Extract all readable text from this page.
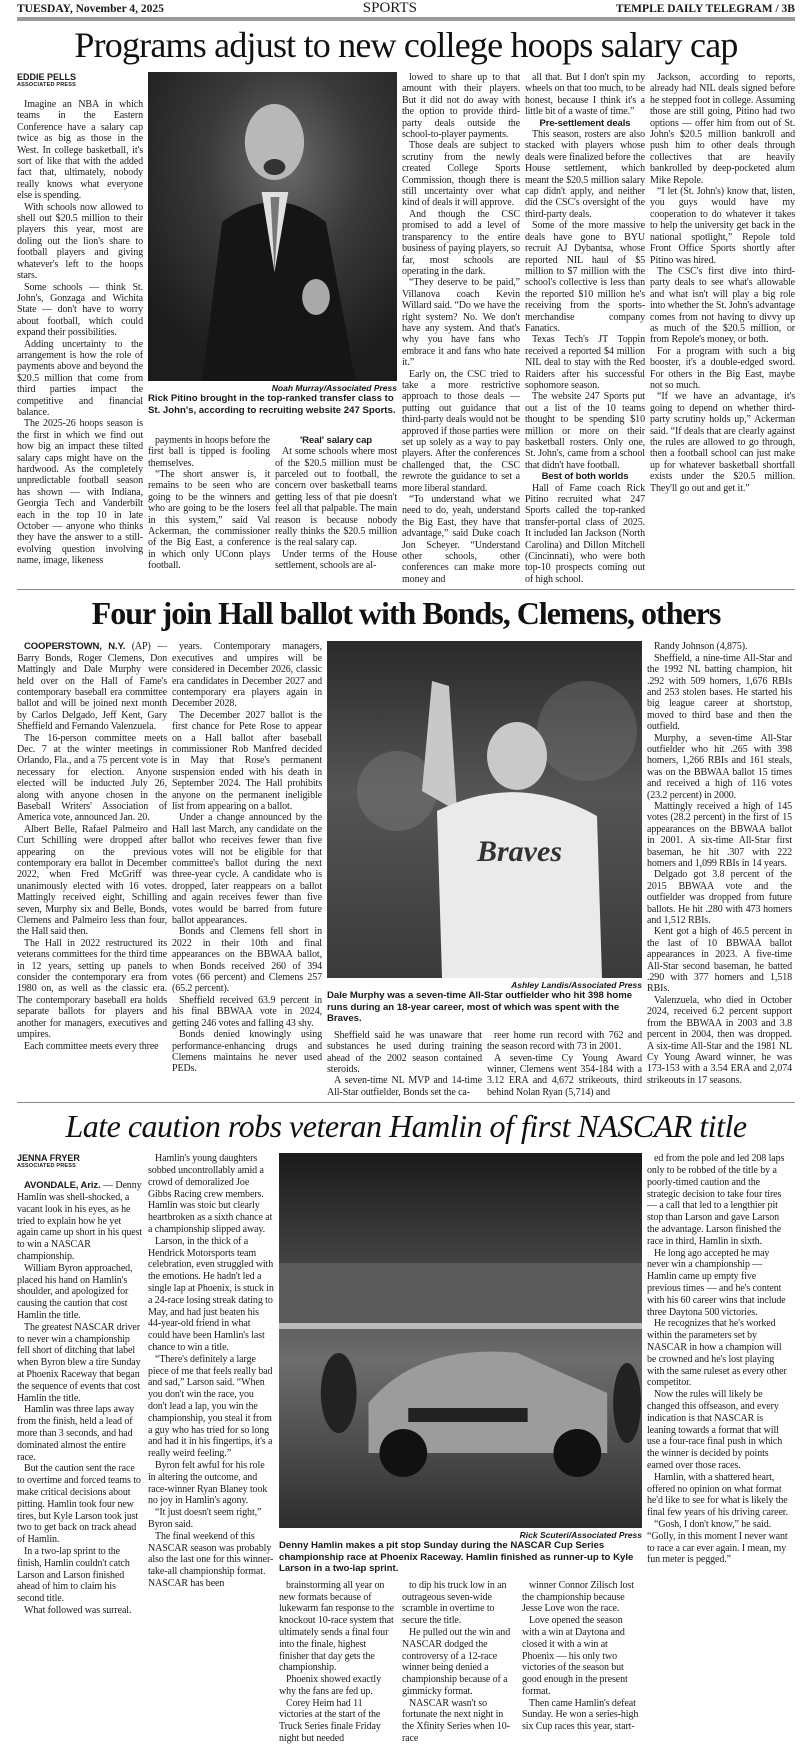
TUESDAY, November 4, 2025	SPORTS	TEMPLE DAILY TELEGRAM / 3B
Programs adjust to new college hoops salary cap
EDDIE PELLS
ASSOCIATED PRESS

Imagine an NBA in which teams in the Eastern Conference have a salary cap twice as big as those in the West. In college basketball, it's sort of like that with the added fact that, ultimately, nobody really knows what everyone else is spending.

With schools now allowed to shell out $20.5 million to their players this year, most are doling out the lion's share to football players and giving whatever's left to the hoops stars.

Some schools — think St. John's, Gonzaga and Wichita State — don't have to worry about football, which could expand their possibilities.

Adding uncertainty to the arrangement is how the role of payments above and beyond the $20.5 million that come from third parties impact the competitive and financial balance.

The 2025-26 hoops season is the first in which we find out how big an impact these tilted salary caps might have on the hardwood. As the completely unpredictable football season has shown — with Indiana, Georgia Tech and Vanderbilt each in the top 10 in late October — anyone who thinks they have the answer to a still-evolving question involving name, image, likeness

Noah Murray/Associated Press
Rick Pitino brought in the top-ranked transfer class to St. John's, according to recruiting website 247 Sports.

payments in hoops before the first ball is tipped is fooling themselves.

“The short answer is, it remains to be seen who are going to be the winners and who are going to be the losers in this system,” said Val Ackerman, the commissioner of the Big East, a conference in which only UConn plays football.

'Real' salary cap

At some schools where most of the $20.5 million must be parceled out to football, the concern over basketball teams getting less of that pie doesn't feel all that palpable. The main reason is because nobody really thinks the $20.5 million is the real salary cap.

Under terms of the House settlement, schools are al-

lowed to share up to that amount with their players. But it did not do away with the option to provide third-party deals outside the school-to-player payments.

Those deals are subject to scrutiny from the newly created College Sports Commission, though there is still uncertainty over what kind of deals it will approve.

And though the CSC promised to add a level of transparency to the entire business of paying players, so far, most schools are operating in the dark.

“They deserve to be paid,” Villanova coach Kevin Willard said. “Do we have the right system? No. We don't have any system. And that's why you have fans who embrace it and fans who hate it.”

Early on, the CSC tried to take a more restrictive approach to those deals — putting out guidance that third-party deals would not be approved if those parties were set up solely as a way to pay players. After the conferences challenged that, the CSC rewrote the guidance to set a more liberal standard.

“To understand what we need to do, yeah, understand the Big East, they have that advantage,” said Duke coach Jon Scheyer. “Understand other schools, other conferences can make more money and

all that. But I don't spin my wheels on that too much, to be honest, because I think it's a little bit of a waste of time.”

Pre-settlement deals

This season, rosters are also stacked with players whose deals were finalized before the House settlement, which meant the $20.5 million salary cap didn't apply, and neither did the CSC's oversight of the third-party deals.

Some of the more massive deals have gone to BYU recruit AJ Dybantsa, whose reported NIL haul of $5 million to $7 million with the school's collective is less than the reported $10 million he's receiving from the sports-merchandise company Fanatics.

Texas Tech's JT Toppin received a reported $4 million NIL deal to stay with the Red Raiders after his successful sophomore season.

The website 247 Sports put out a list of the 10 teams thought to be spending $10 million or more on their basketball rosters. Only one, St. John's, came from a school that didn't have football.

Best of both worlds

Hall of Fame coach Rick Pitino recruited what 247 Sports called the top-ranked transfer-portal class of 2025. It included Ian Jackson (North Carolina) and Dillon Mitchell (Cincinnati), who were both top-10 prospects coming out of high school.

Jackson, according to reports, already had NIL deals signed before he stepped foot in college. Assuming those are still going, Pitino had two options — offer him from out of St. John's $20.5 million bankroll and push him to other deals through collectives that are heavily bankrolled by deep-pocketed alum Mike Repole.

“I let (St. John's) know that, listen, you guys would have my cooperation to do whatever it takes to help the university get back in the national spotlight,” Repole told Front Office Sports shortly after Pitino was hired.

The CSC's first dive into third-party deals to see what's allowable and what isn't will play a big role into whether the St. John's advantage comes from not having to divvy up as much of the $20.5 million, or from Repole's money, or both.

For a program with such a big booster, it's a double-edged sword. For others in the Big East, maybe not so much.

“If we have an advantage, it's going to depend on whether third-party scrutiny holds up,” Ackerman said. “If deals that are clearly against the rules are allowed to go through, then a football school can just make up for whatever basketball shortfall exists under the $20.5 million. They'll go out and get it.”

Four join Hall ballot with Bonds, Clemens, others

COOPERSTOWN, N.Y. (AP) — Barry Bonds, Roger Clemens, Don Mattingly and Dale Murphy were held over on the Hall of Fame's contemporary baseball era committee ballot and will be joined next month by Carlos Delgado, Jeff Kent, Gary Sheffield and Fernando Valenzuela.

The 16-person committee meets Dec. 7 at the winter meetings in Orlando, Fla., and a 75 percent vote is necessary for election. Anyone elected will be inducted July 26, along with anyone chosen in the Baseball Writers' Association of America vote, announced Jan. 20.

Albert Belle, Rafael Palmeiro and Curt Schilling were dropped after appearing on the previous contemporary era ballot in December 2022, when Fred McGriff was unanimously elected with 16 votes. Mattingly received eight, Schilling seven, Murphy six and Belle, Bonds, Clemens and Palmeiro less than four, the Hall said then.

The Hall in 2022 restructured its veterans committees for the third time in 12 years, setting up panels to consider the contemporary era from 1980 on, as well as the classic era. The contemporary baseball era holds separate ballots for players and another for managers, executives and umpires.

Each committee meets every three

years. Contemporary managers, executives and umpires will be considered in December 2026, classic era candidates in December 2027 and contemporary era players again in December 2028.

The December 2027 ballot is the first chance for Pete Rose to appear on a Hall ballot after baseball commissioner Rob Manfred decided in May that Rose's permanent suspension ended with his death in September 2024. The Hall prohibits anyone on the permanent ineligible list from appearing on a ballot.

Under a change announced by the Hall last March, any candidate on the ballot who receives fewer than five votes will not be eligible for that committee's ballot during the next three-year cycle. A candidate who is dropped, later reappears on a ballot and again receives fewer than five votes would be barred from future ballot appearances.

Bonds and Clemens fell short in 2022 in their 10th and final appearances on the BBWAA ballot, when Bonds received 260 of 394 votes (66 percent) and Clemens 257 (65.2 percent).

Sheffield received 63.9 percent in his final BBWAA vote in 2024, getting 246 votes and falling 43 shy.

Bonds denied knowingly using performance-enhancing drugs and Clemens maintains he never used PEDs.

Braves
Ashley Landis/Associated Press
Dale Murphy was a seven-time All-Star outfielder who hit 398 home runs during an 18-year career, most of which was spent with the Braves.

Sheffield said he was unaware that substances he used during training ahead of the 2002 season contained steroids.

A seven-time NL MVP and 14-time All-Star outfielder, Bonds set the ca-

reer home run record with 762 and the season record with 73 in 2001.

A seven-time Cy Young Award winner, Clemens went 354-184 with a 3.12 ERA and 4,672 strikeouts, third behind Nolan Ryan (5,714) and

Randy Johnson (4,875).

Sheffield, a nine-time All-Star and the 1992 NL batting champion, hit .292 with 509 homers, 1,676 RBIs and 253 stolen bases. He started his big league career at shortstop, moved to third base and then the outfield.

Murphy, a seven-time All-Star outfielder who hit .265 with 398 homers, 1,266 RBIs and 161 steals, was on the BBWAA ballot 15 times and received a high of 116 votes (23.2 percent) in 2000.

Mattingly received a high of 145 votes (28.2 percent) in the first of 15 appearances on the BBWAA ballot in 2001. A six-time All-Star first baseman, he hit .307 with 222 homers and 1,099 RBIs in 14 years.

Delgado got 3.8 percent of the 2015 BBWAA vote and the outfielder was dropped from future ballots. He hit .280 with 473 homers and 1,512 RBIs.

Kent got a high of 46.5 percent in the last of 10 BBWAA ballot appearances in 2023. A five-time All-Star second baseman, he batted .290 with 377 homers and 1,518 RBIs.

Valenzuela, who died in October 2024, received 6.2 percent support from the BBWAA in 2003 and 3.8 percent in 2004, then was dropped. A six-time All-Star and the 1981 NL Cy Young Award winner, he was 173-153 with a 3.54 ERA and 2,074 strikeouts in 17 seasons.

Late caution robs veteran Hamlin of first NASCAR title
JENNA FRYER
ASSOCIATED PRESS

AVONDALE, Ariz. — Denny Hamlin was shell-shocked, a vacant look in his eyes, as he tried to explain how he yet again came up short in his quest to win a NASCAR championship.

William Byron approached, placed his hand on Hamlin's shoulder, and apologized for causing the caution that cost Hamlin the title.

The greatest NASCAR driver to never win a championship fell short of ditching that label when Byron blew a tire Sunday at Phoenix Raceway that began the sequence of events that cost Hamlin the title.

Hamlin was three laps away from the finish, held a lead of more than 3 seconds, and had dominated almost the entire race.

But the caution sent the race to overtime and forced teams to make critical decisions about pitting. Hamlin took four new tires, but Kyle Larson took just two to get back on track ahead of Hamlin.

In a two-lap sprint to the finish, Hamlin couldn't catch Larson and Larson finished ahead of him to claim his second title.

What followed was surreal.

Hamlin's young daughters sobbed uncontrollably amid a crowd of demoralized Joe Gibbs Racing crew members. Hamlin was stoic but clearly heartbroken as a sixth chance at a championship slipped away.

Larson, in the thick of a Hendrick Motorsports team celebration, even struggled with the emotions. He hadn't led a single lap at Phoenix, is stuck in a 24-race losing streak dating to May, and had just beaten his 44-year-old friend in what could have been Hamlin's last chance to win a title.

“There's definitely a large piece of me that feels really bad and sad,” Larson said. “When you don't win the race, you don't lead a lap, you win the championship, you steal it from a guy who has tried for so long and had it in his fingertips, it's a really weird feeling.”

Byron felt awful for his role in altering the outcome, and race-winner Ryan Blaney took no joy in Hamlin's agony.

“It just doesn't seem right,” Byron said.

The final weekend of this NASCAR season was probably also the last one for this winner-take-all championship format. NASCAR has been

Rick Scuteri/Associated Press
Denny Hamlin makes a pit stop Sunday during the NASCAR Cup Series championship race at Phoenix Raceway. Hamlin finished as runner-up to Kyle Larson in a two-lap sprint.

brainstorming all year on new formats because of lukewarm fan response to the knockout 10-race system that ultimately sends a final four into the finale, highest finisher that day gets the championship.

Phoenix showed exactly why the fans are fed up.

Corey Heim had 11 victories at the start of the Truck Series finale Friday night but needed

to dip his truck low in an outrageous seven-wide scramble in overtime to secure the title.

He pulled out the win and NASCAR dodged the controversy of a 12-race winner being denied a championship because of a gimmicky format.

NASCAR wasn't so fortunate the next night in the Xfinity Series when 10-race

winner Connor Zilisch lost the championship because Jesse Love won the race.

Love opened the season with a win at Daytona and closed it with a win at Phoenix — his only two victories of the season but good enough in the present format.

Then came Hamlin's defeat Sunday. He won a series-high six Cup races this year, start-

ed from the pole and led 208 laps only to be robbed of the title by a poorly-timed caution and the strategic decision to take four tires — a call that led to a lengthier pit stop than Larson and gave Larson the advantage. Larson finished the race in third, Hamlin in sixth.

He long ago accepted he may never win a championship — Hamlin came up empty five previous times — and he's content with his 60 career wins that include three Daytona 500 victories.

He recognizes that he's worked within the parameters set by NASCAR in how a champion will be crowned and he's lost playing with the same ruleset as every other competitor.

Now the rules will likely be changed this offseason, and every indication is that NASCAR is leaning towards a format that will use a four-race final push in which the winner is decided by points earned over those races.

Hamlin, with a shattered heart, offered no opinion on what format he'd like to see for what is likely the final few years of his driving career.

“Gosh, I don't know,” he said. “Golly, in this moment I never want to race a car ever again. I mean, my fun meter is pegged.”
